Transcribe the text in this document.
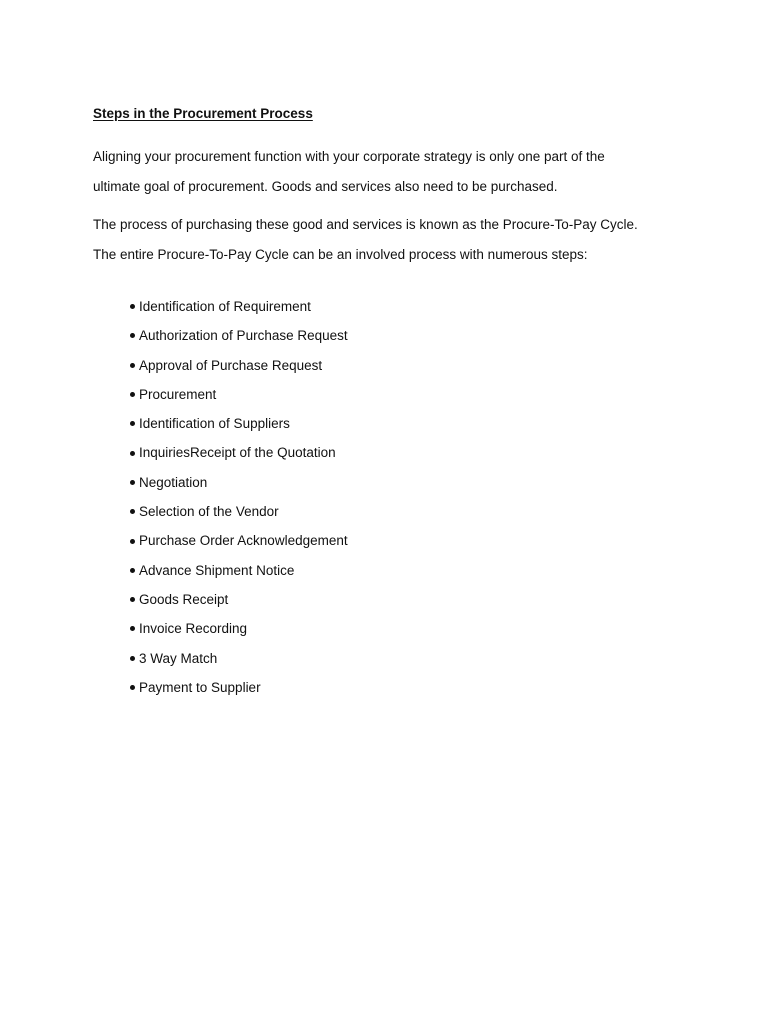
Steps in the Procurement Process

Aligning your procurement function with your corporate strategy is only one part of the
ultimate goal of procurement. Goods and services also need to be purchased.

The process of purchasing these good and services is known as the Procure-To-Pay Cycle.
The entire Procure-To-Pay Cycle can be an involved process with numerous steps:

Identification of Requirement
Authorization of Purchase Request
Approval of Purchase Request
Procurement
Identification of Suppliers
InquiriesReceipt of the Quotation
Negotiation
Selection of the Vendor
Purchase Order Acknowledgement
Advance Shipment Notice
Goods Receipt
Invoice Recording
3 Way Match
Payment to Supplier
